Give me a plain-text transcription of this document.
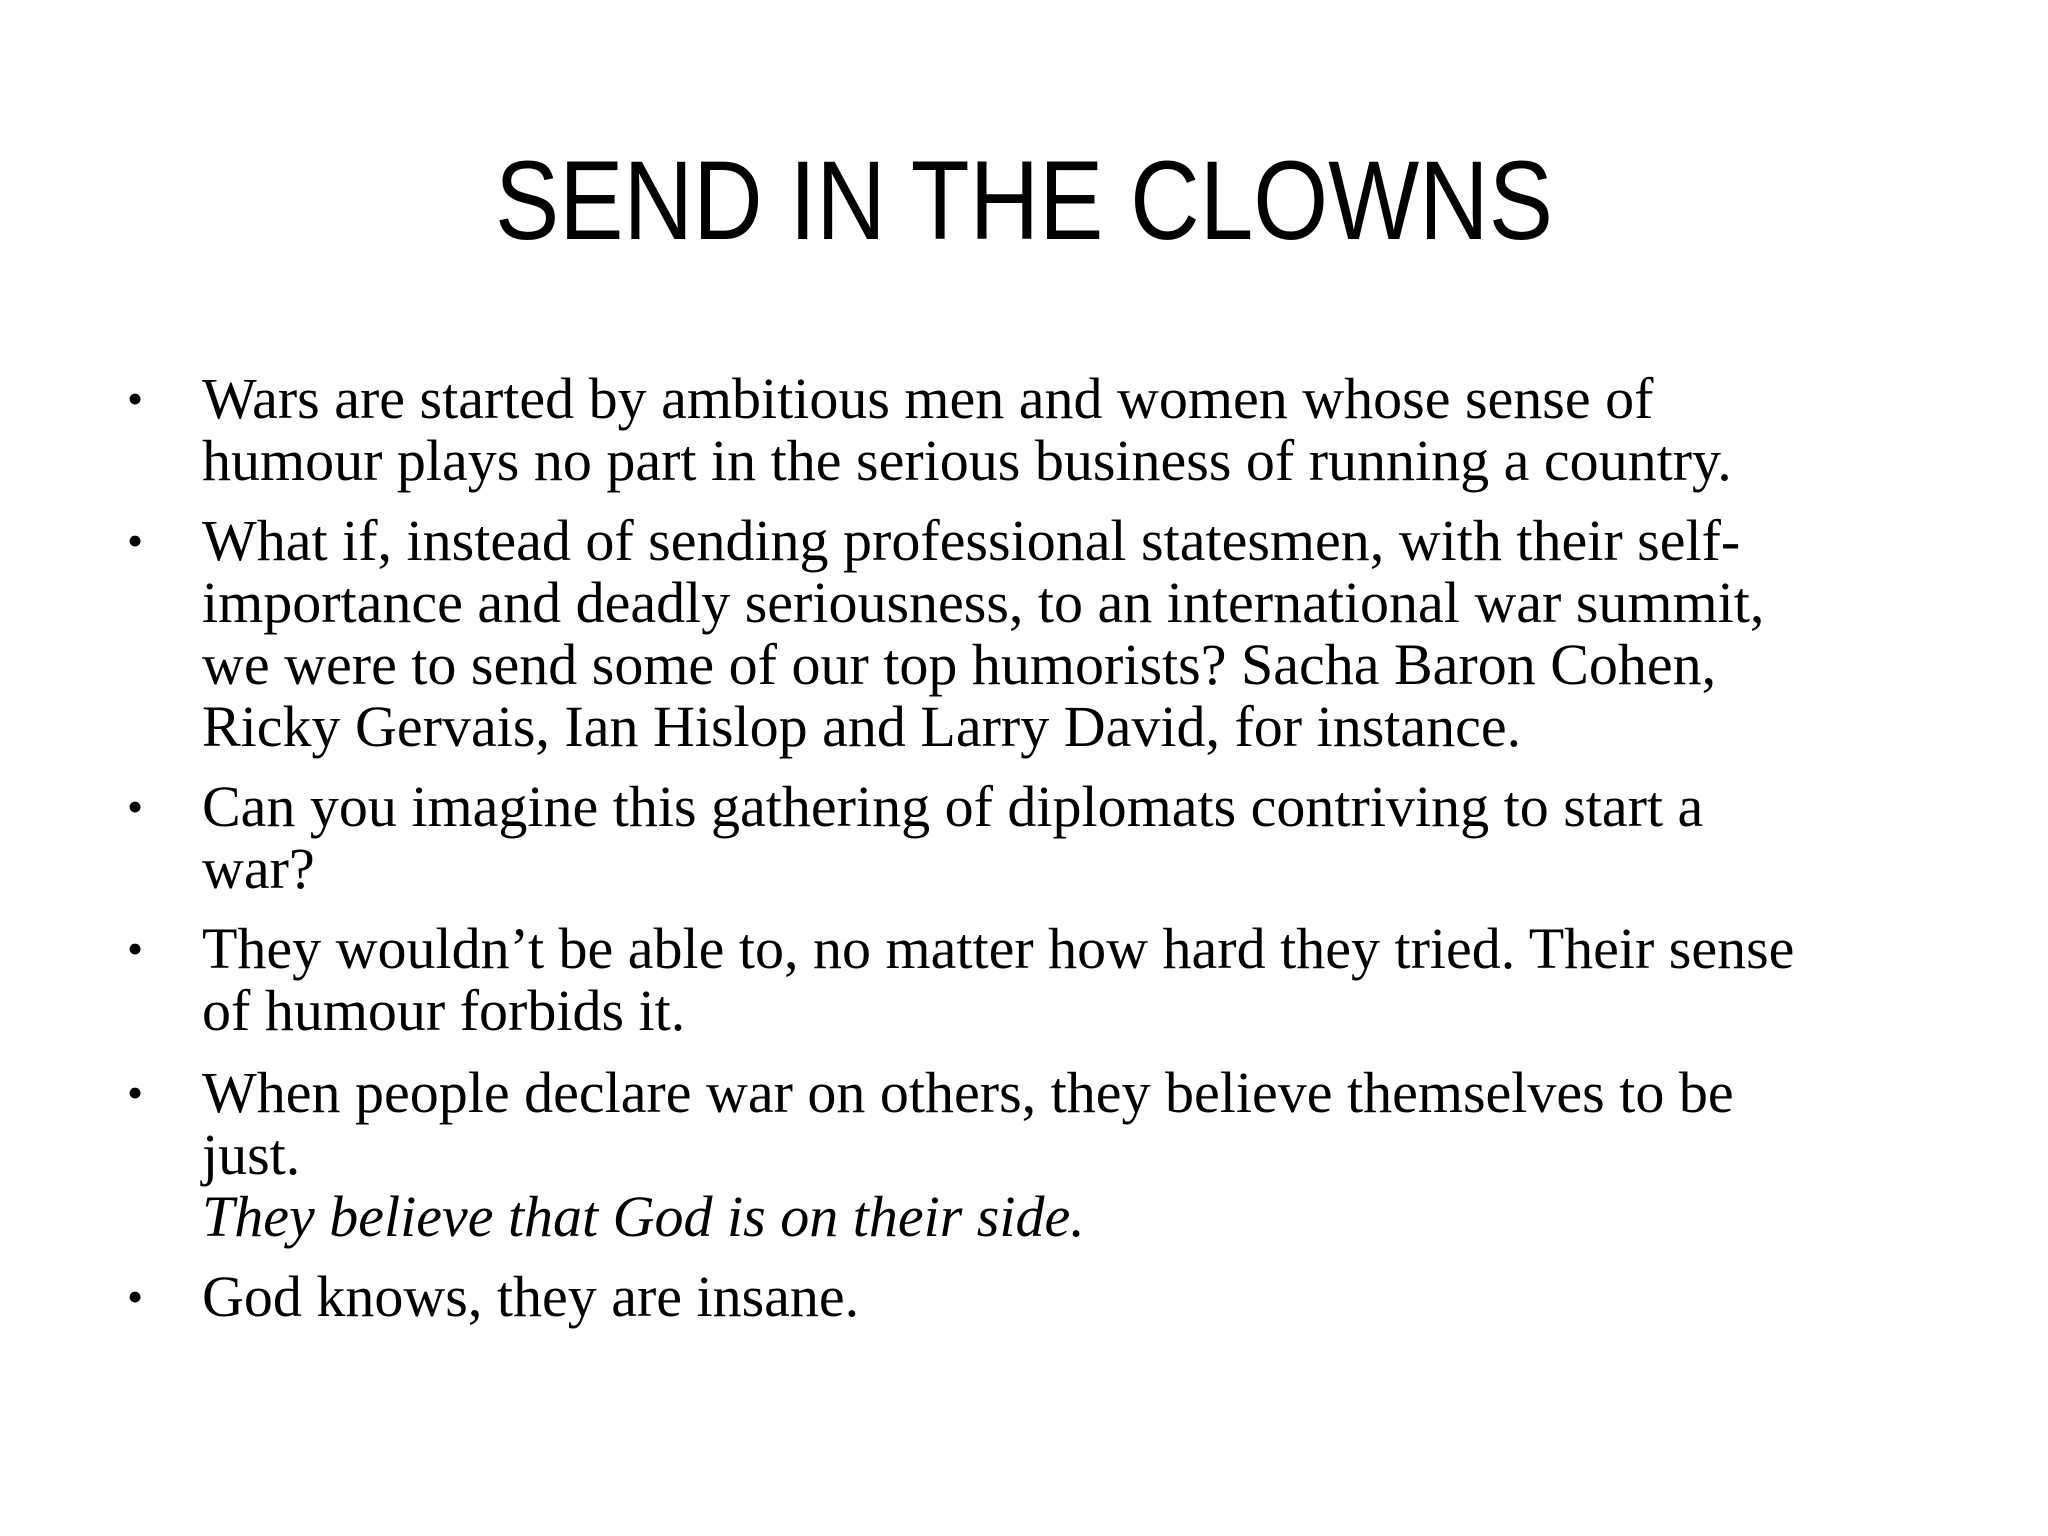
SEND IN THE CLOWNS
• Wars are started by ambitious men and women whose sense of
humour plays no part in the serious business of running a country.
• What if, instead of sending professional statesmen, with their self-
importance and deadly seriousness, to an international war summit,
we were to send some of our top humorists? Sacha Baron Cohen,
Ricky Gervais, Ian Hislop and Larry David, for instance.
• Can you imagine this gathering of diplomats contriving to start a
war?
• They wouldn’t be able to, no matter how hard they tried. Their sense
of humour forbids it.
• When people declare war on others, they believe themselves to be
just.
They believe that God is on their side.
• God knows, they are insane.
